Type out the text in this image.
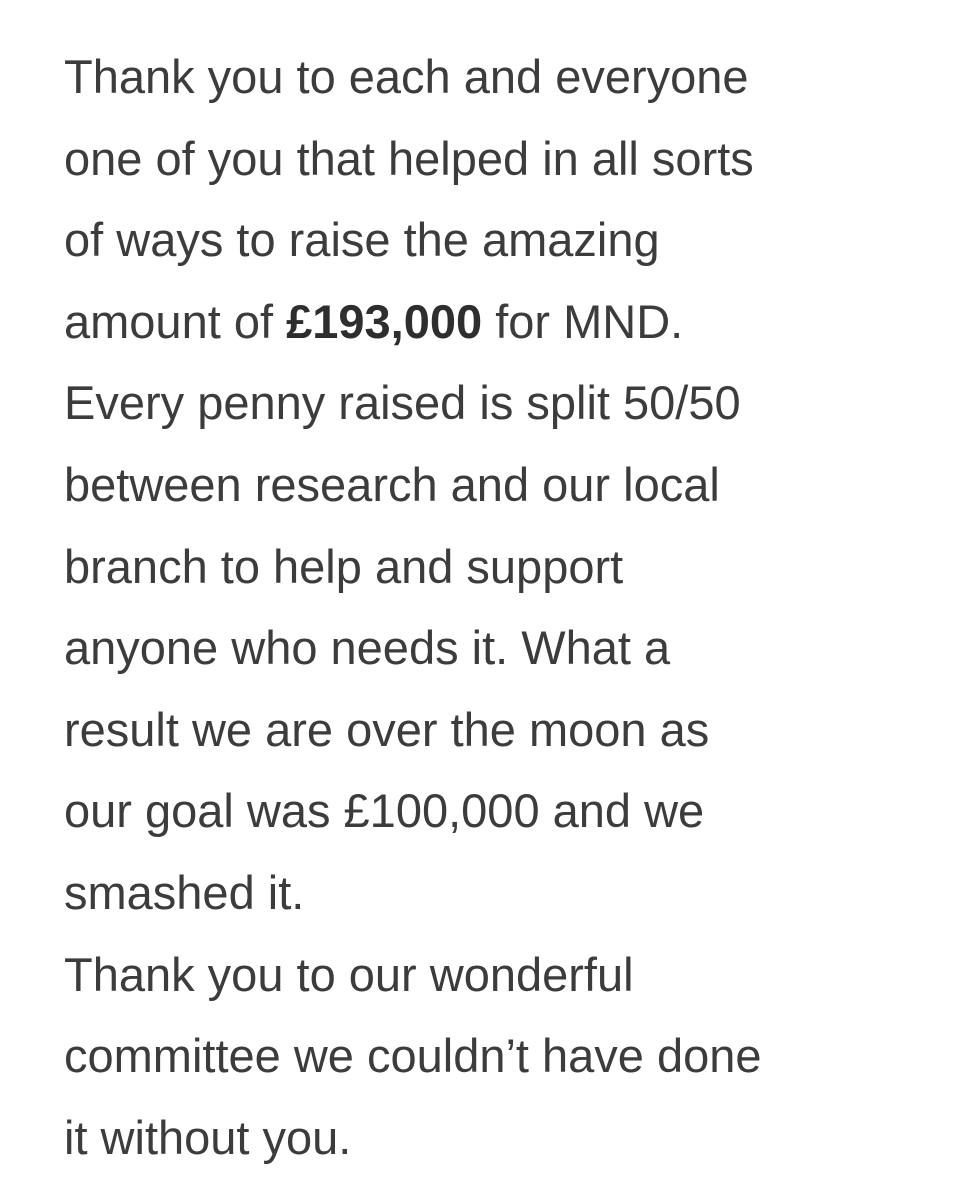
Thank you to each and everyone
one of you that helped in all sorts
of ways to raise the amazing
amount of £193,000 for MND.
Every penny raised is split 50/50
between research and our local
branch to help and support
anyone who needs it. What a
result we are over the moon as
our goal was £100,000 and we
smashed it.
Thank you to our wonderful
committee we couldn’t have done
it without you.
